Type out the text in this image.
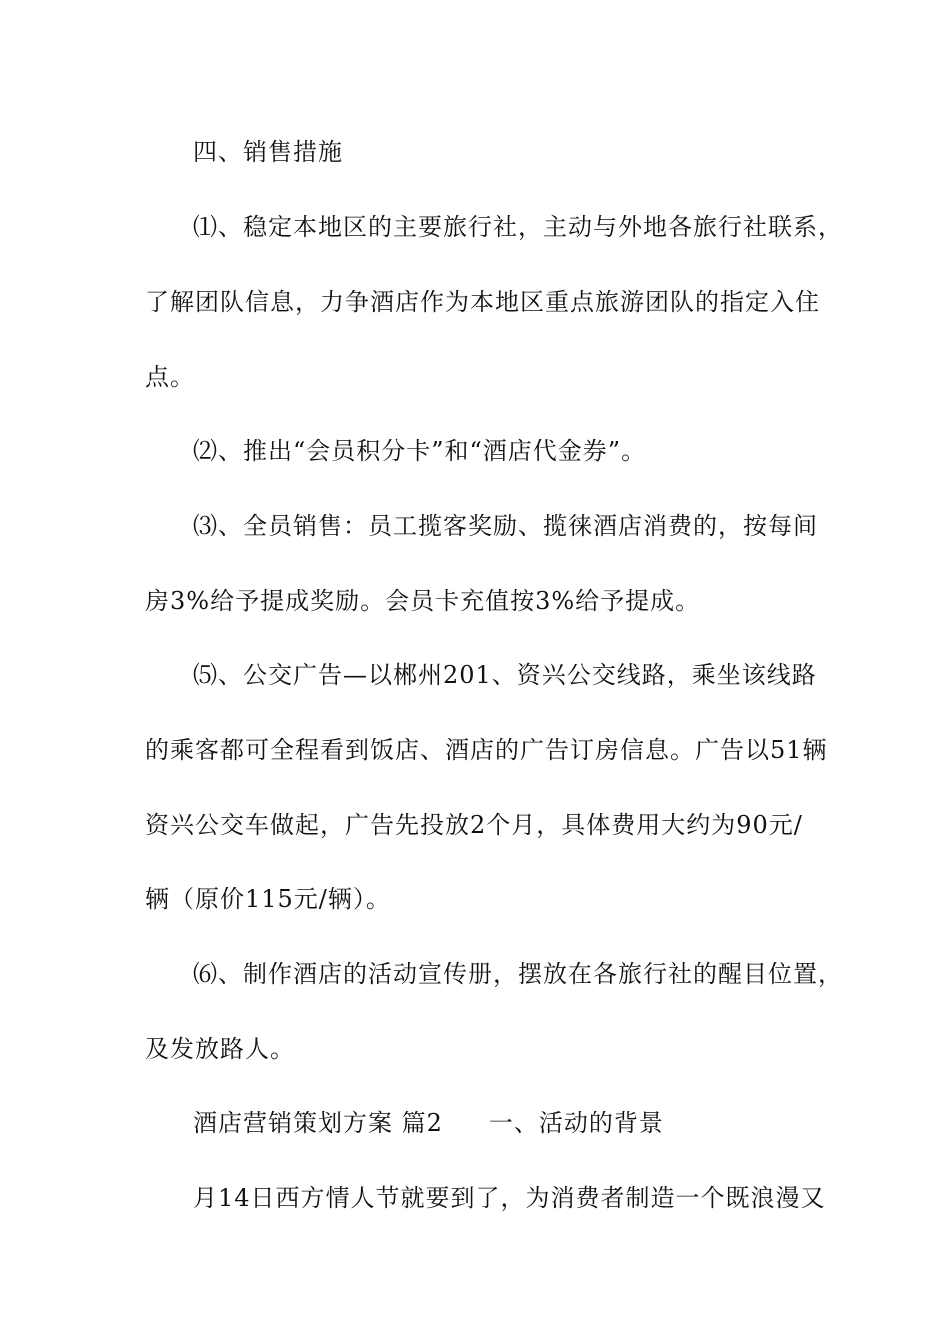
四、销售措施
⑴、稳定本地区的主要旅行社，主动与外地各旅行社联系，
了解团队信息，力争酒店作为本地区重点旅游团队的指定入住
点。
⑵、推出“会员积分卡”和“酒店代金券”。
⑶、全员销售：员工揽客奖励、揽徕酒店消费的，按每间
房3%给予提成奖励。会员卡充值按3%给予提成。
⑸、公交广告—以郴州201、资兴公交线路，乘坐该线路
的乘客都可全程看到饭店、酒店的广告订房信息。广告以51辆
资兴公交车做起，广告先投放2个月，具体费用大约为90元/
辆（原价115元/辆）。
⑹、制作酒店的活动宣传册，摆放在各旅行社的醒目位置，
及发放路人。
酒店营销策划方案 篇2 一、活动的背景
月14日西方情人节就要到了，为消费者制造一个既浪漫又
